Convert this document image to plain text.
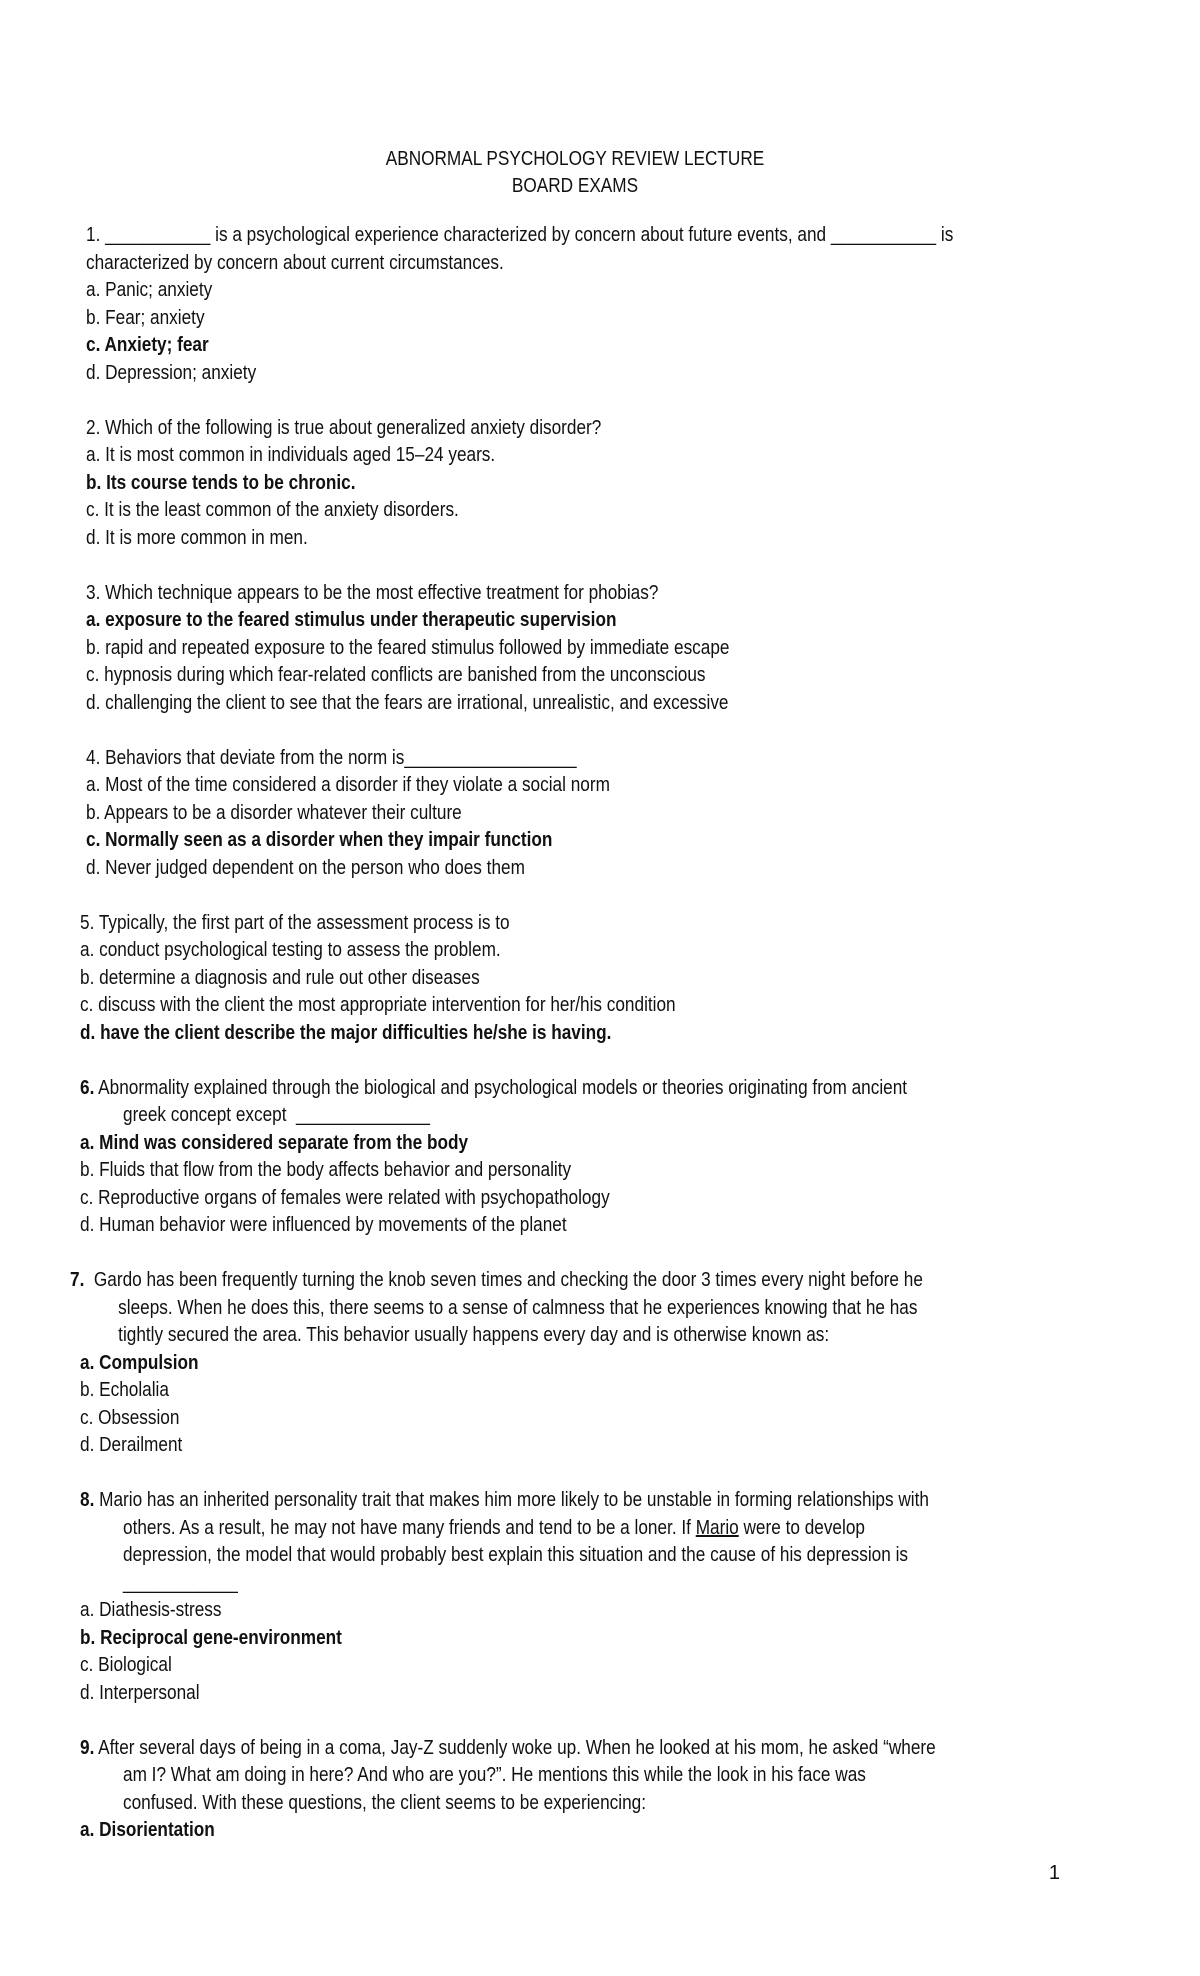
ABNORMAL PSYCHOLOGY REVIEW LECTURE
BOARD EXAMS
1. ___________ is a psychological experience characterized by concern about future events, and ___________ is
characterized by concern about current circumstances.
a. Panic; anxiety
b. Fear; anxiety
c. Anxiety; fear
d. Depression; anxiety
2. Which of the following is true about generalized anxiety disorder?
a. It is most common in individuals aged 15–24 years.
b. Its course tends to be chronic.
c. It is the least common of the anxiety disorders.
d. It is more common in men.
3. Which technique appears to be the most effective treatment for phobias?
a. exposure to the feared stimulus under therapeutic supervision
b. rapid and repeated exposure to the feared stimulus followed by immediate escape
c. hypnosis during which fear-related conflicts are banished from the unconscious
d. challenging the client to see that the fears are irrational, unrealistic, and excessive
4. Behaviors that deviate from the norm is__________________
a. Most of the time considered a disorder if they violate a social norm
b. Appears to be a disorder whatever their culture
c. Normally seen as a disorder when they impair function
d. Never judged dependent on the person who does them
5. Typically, the first part of the assessment process is to
a. conduct psychological testing to assess the problem.
b. determine a diagnosis and rule out other diseases
c. discuss with the client the most appropriate intervention for her/his condition
d. have the client describe the major difficulties he/she is having.
6. Abnormality explained through the biological and psychological models or theories originating from ancient
greek concept except  ______________
a. Mind was considered separate from the body
b. Fluids that flow from the body affects behavior and personality
c. Reproductive organs of females were related with psychopathology
d. Human behavior were influenced by movements of the planet
7.  Gardo has been frequently turning the knob seven times and checking the door 3 times every night before he
sleeps. When he does this, there seems to a sense of calmness that he experiences knowing that he has
tightly secured the area. This behavior usually happens every day and is otherwise known as:
a. Compulsion
b. Echolalia
c. Obsession
d. Derailment
8. Mario has an inherited personality trait that makes him more likely to be unstable in forming relationships with
others. As a result, he may not have many friends and tend to be a loner. If Mario were to develop
depression, the model that would probably best explain this situation and the cause of his depression is
____________
a. Diathesis-stress
b. Reciprocal gene-environment
c. Biological
d. Interpersonal
9. After several days of being in a coma, Jay-Z suddenly woke up. When he looked at his mom, he asked “where
am I? What am doing in here? And who are you?”. He mentions this while the look in his face was
confused. With these questions, the client seems to be experiencing:
a. Disorientation
1
